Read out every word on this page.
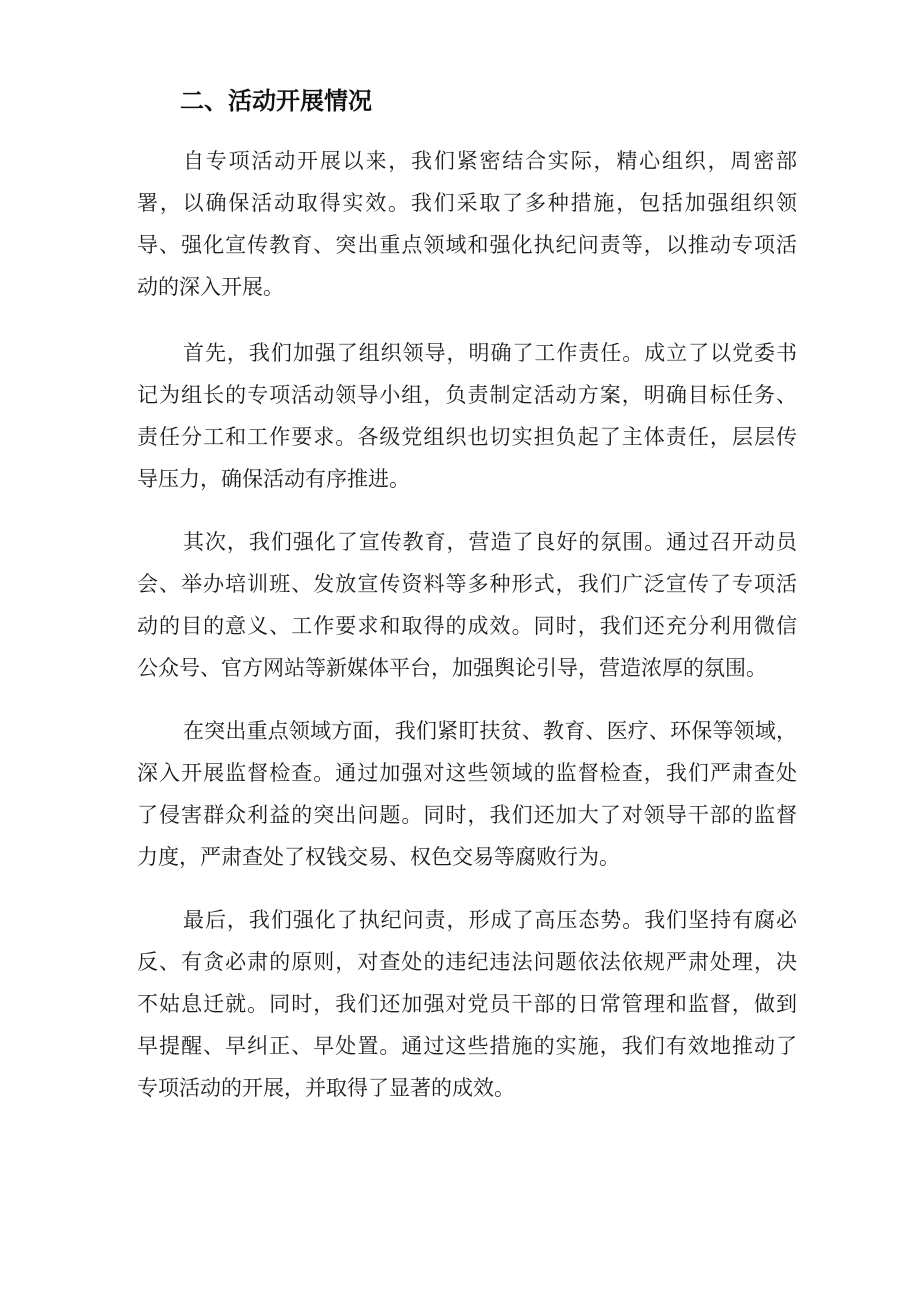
二、活动开展情况
自专项活动开展以来，我们紧密结合实际，精心组织，周密部
署，以确保活动取得实效。我们采取了多种措施，包括加强组织领
导、强化宣传教育、突出重点领域和强化执纪问责等，以推动专项活
动的深入开展。
首先，我们加强了组织领导，明确了工作责任。成立了以党委书
记为组长的专项活动领导小组，负责制定活动方案，明确目标任务、
责任分工和工作要求。各级党组织也切实担负起了主体责任，层层传
导压力，确保活动有序推进。
其次，我们强化了宣传教育，营造了良好的氛围。通过召开动员
会、举办培训班、发放宣传资料等多种形式，我们广泛宣传了专项活
动的目的意义、工作要求和取得的成效。同时，我们还充分利用微信
公众号、官方网站等新媒体平台，加强舆论引导，营造浓厚的氛围。
在突出重点领域方面，我们紧盯扶贫、教育、医疗、环保等领域，
深入开展监督检查。通过加强对这些领域的监督检查，我们严肃查处
了侵害群众利益的突出问题。同时，我们还加大了对领导干部的监督
力度，严肃查处了权钱交易、权色交易等腐败行为。
最后，我们强化了执纪问责，形成了高压态势。我们坚持有腐必
反、有贪必肃的原则，对查处的违纪违法问题依法依规严肃处理，决
不姑息迁就。同时，我们还加强对党员干部的日常管理和监督，做到
早提醒、早纠正、早处置。通过这些措施的实施，我们有效地推动了
专项活动的开展，并取得了显著的成效。
